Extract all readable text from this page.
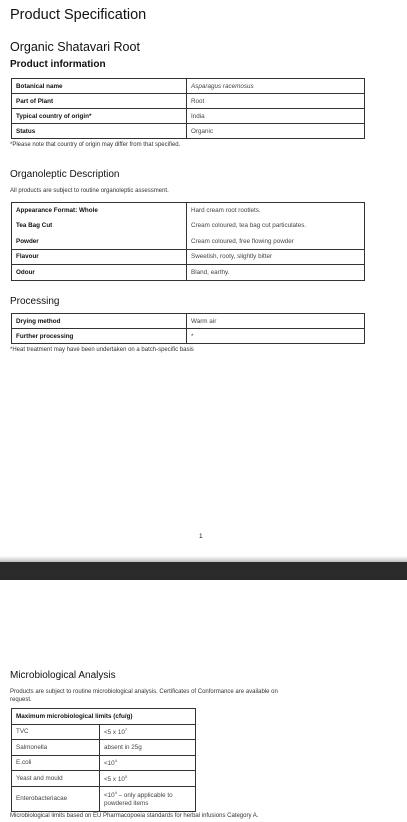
Product Specification
Organic Shatavari Root
Product information
Botanical name	Asparagus racemosus
Part of Plant	Root
Typical country of origin*	India
Status	Organic
*Please note that country of origin may differ from that specified.
Organoleptic Description
All products are subject to routine organoleptic assessment.
Appearance Format: Whole	Hard cream root rootlets.
Tea Bag Cut	Cream coloured, tea bag cut particulates.
Powder	Cream coloured, free flowing powder
Flavour	Sweetish, rooty, slightly bitter
Odour	Bland, earthy.
Processing
Drying method	Warm air
Further processing	*
*Heat treatment may have been undertaken on a batch-specific basis
1
Microbiological Analysis
Products are subject to routine microbiological analysis. Certificates of Conformance are available on
request.
Maximum microbiological limits (cfu/g)	
TVC	<5 x $10^7$
Salmonella	absent in 25g
E.coli	$<10^4$
Yeast and mould	<5 x $10^5$
Enterobacteriacae	$<10^4$ – only applicable to
powdered items
Microbiological limits based on EU Pharmacopoeia standards for herbal infusions Category A.
